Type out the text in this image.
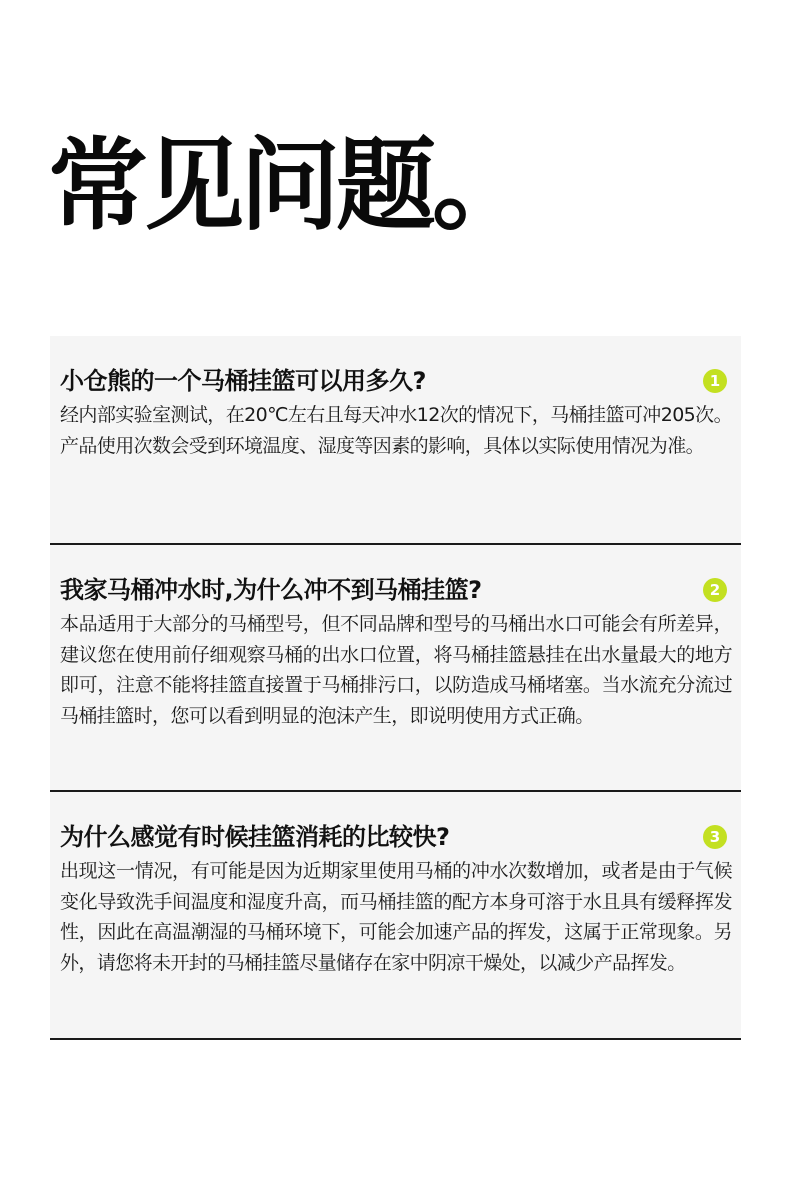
常见问题。
小仓熊的一个马桶挂篮可以用多久?	1

经内部实验室测试，在20℃左右且每天冲水12次的情况下，马桶挂篮可冲205次。产品使用次数会受到环境温度、湿度等因素的影响，具体以实际使用情况为准。

我家马桶冲水时,为什么冲不到马桶挂篮?	2

本品适用于大部分的马桶型号，但不同品牌和型号的马桶出水口可能会有所差异，建议您在使用前仔细观察马桶的出水口位置，将马桶挂篮悬挂在出水量最大的地方即可，注意不能将挂篮直接置于马桶排污口，以防造成马桶堵塞。当水流充分流过马桶挂篮时，您可以看到明显的泡沫产生，即说明使用方式正确。

为什么感觉有时候挂篮消耗的比较快?	3

出现这一情况，有可能是因为近期家里使用马桶的冲水次数增加，或者是由于气候变化导致洗手间温度和湿度升高，而马桶挂篮的配方本身可溶于水且具有缓释挥发性，因此在高温潮湿的马桶环境下，可能会加速产品的挥发，这属于正常现象。另外，请您将未开封的马桶挂篮尽量储存在家中阴凉干燥处，以减少产品挥发。
